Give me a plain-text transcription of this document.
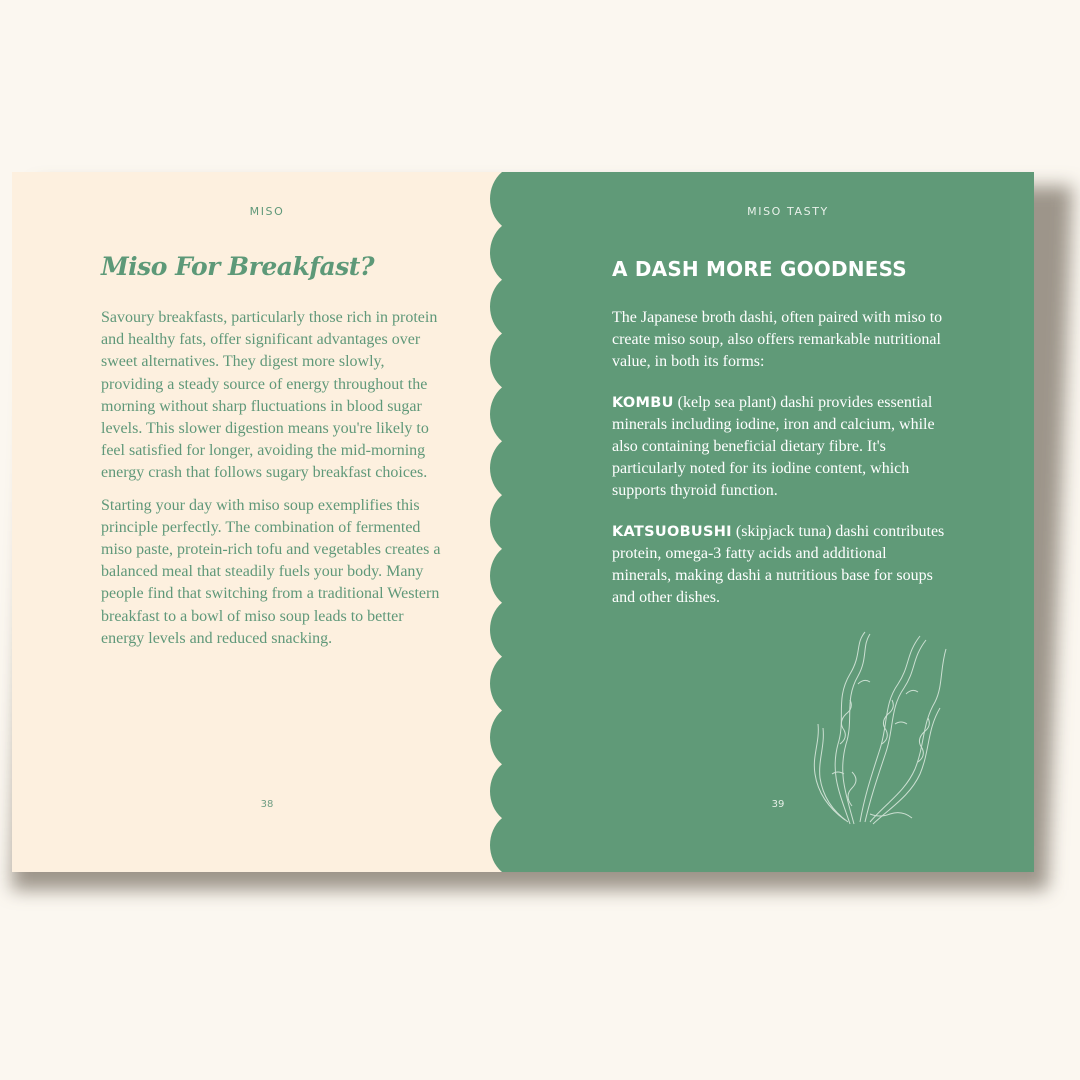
MISO
Miso For Breakfast?

Savoury breakfasts, particularly those rich in protein and healthy fats, offer significant advantages over sweet alternatives. They digest more slowly, providing a steady source of energy throughout the morning without sharp fluctuations in blood sugar levels. This slower digestion means you're likely to feel satisfied for longer, avoiding the mid-morning energy crash that follows sugary breakfast choices.

Starting your day with miso soup exemplifies this principle perfectly. The combination of fermented miso paste, protein-rich tofu and vegetables creates a balanced meal that steadily fuels your body. Many people find that switching from a traditional Western breakfast to a bowl of miso soup leads to better energy levels and reduced snacking.

38
MISO TASTY
A DASH MORE GOODNESS

The Japanese broth dashi, often paired with miso to create miso soup, also offers remarkable nutritional value, in both its forms:

KOMBU (kelp sea plant) dashi provides essential minerals including iodine, iron and calcium, while also containing beneficial dietary fibre. It's particularly noted for its iodine content, which supports thyroid function.

KATSUOBUSHI (skipjack tuna) dashi contributes protein, omega-3 fatty acids and additional minerals, making dashi a nutritious base for soups and other dishes.

39
